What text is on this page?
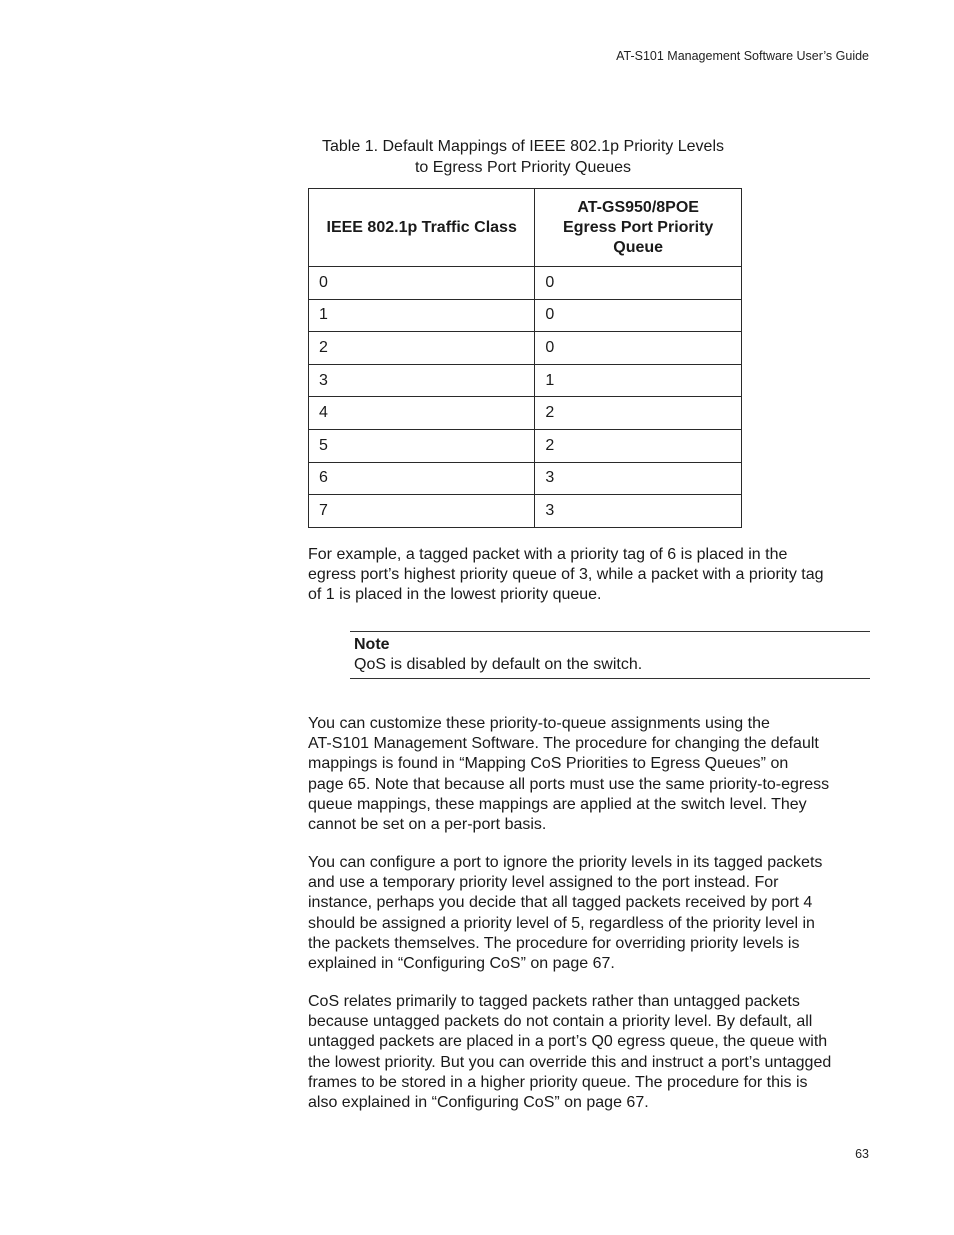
AT-S101 Management Software User’s Guide
Table 1. Default Mappings of IEEE 802.1p Priority Levels
to Egress Port Priority Queues
IEEE 802.1p Traffic Class	AT-GS950/8POE
Egress Port Priority
Queue

0	0
1	0
2	0
3	1
4	2
5	2
6	3
7	3
For example, a tagged packet with a priority tag of 6 is placed in the
egress port’s highest priority queue of 3, while a packet with a priority tag
of 1 is placed in the lowest priority queue.
Note
QoS is disabled by default on the switch.
You can customize these priority-to-queue assignments using the
AT-S101 Management Software. The procedure for changing the default
mappings is found in “Mapping CoS Priorities to Egress Queues” on
page 65. Note that because all ports must use the same priority-to-egress
queue mappings, these mappings are applied at the switch level. They
cannot be set on a per-port basis.
You can configure a port to ignore the priority levels in its tagged packets
and use a temporary priority level assigned to the port instead. For
instance, perhaps you decide that all tagged packets received by port 4
should be assigned a priority level of 5, regardless of the priority level in
the packets themselves. The procedure for overriding priority levels is
explained in “Configuring CoS” on page 67.
CoS relates primarily to tagged packets rather than untagged packets
because untagged packets do not contain a priority level. By default, all
untagged packets are placed in a port’s Q0 egress queue, the queue with
the lowest priority. But you can override this and instruct a port’s untagged
frames to be stored in a higher priority queue. The procedure for this is
also explained in “Configuring CoS” on page 67.
63
